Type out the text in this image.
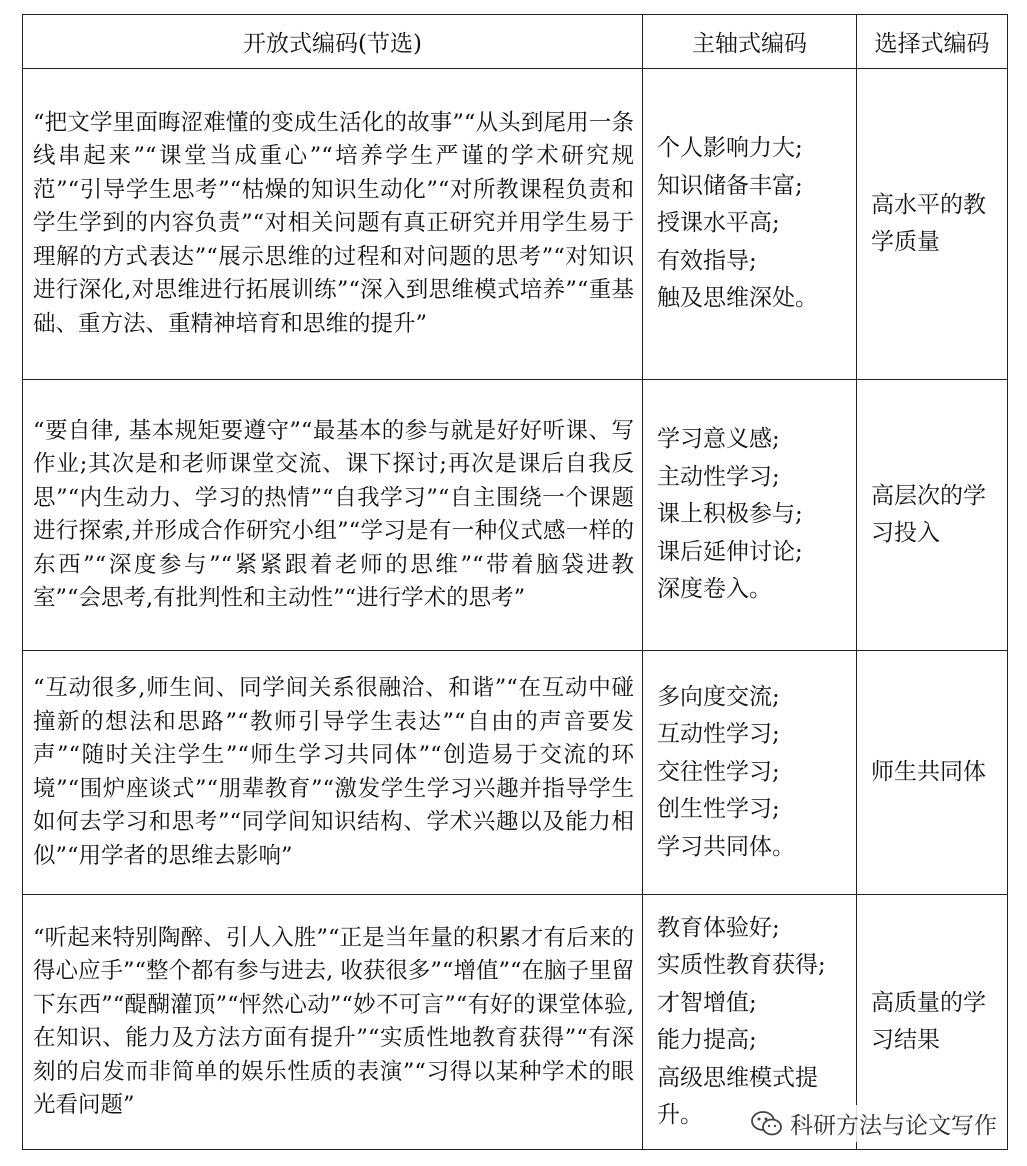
开放式编码(节选)	主轴式编码	选择式编码
“把文学里面晦涩难懂的变成生活化的故事”“从头到尾用一条线串起来”“课堂当成重心”“培养学生严谨的学术研究规范”“引导学生思考”“枯燥的知识生动化”“对所教课程负责和学生学到的内容负责”“对相关问题有真正研究并用学生易于理解的方式表达”“展示思维的过程和对问题的思考”“对知识进行深化,对思维进行拓展训练”“深入到思维模式培养”“重基础、重方法、重精神培育和思维的提升”	个人影响力大;
知识储备丰富;
授课水平高;
有效指导;
触及思维深处。	高水平的教学质量
“要自律, 基本规矩要遵守”“最基本的参与就是好好听课、写作业;其次是和老师课堂交流、课下探讨;再次是课后自我反思”“内生动力、学习的热情”“自我学习”“自主围绕一个课题进行探索,并形成合作研究小组”“学习是有一种仪式感一样的东西”“深度参与”“紧紧跟着老师的思维”“带着脑袋进教室”“会思考,有批判性和主动性”“进行学术的思考”	学习意义感;
主动性学习;
课上积极参与;
课后延伸讨论;
深度卷入。	高层次的学习投入
“互动很多,师生间、同学间关系很融洽、和谐”“在互动中碰撞新的想法和思路”“教师引导学生表达”“自由的声音要发声”“随时关注学生”“师生学习共同体”“创造易于交流的环境”“围炉座谈式”“朋辈教育”“激发学生学习兴趣并指导学生如何去学习和思考”“同学间知识结构、学术兴趣以及能力相似”“用学者的思维去影响”	多向度交流;
互动性学习;
交往性学习;
创生性学习;
学习共同体。	师生共同体
“听起来特别陶醉、引人入胜”“正是当年量的积累才有后来的得心应手”“整个都有参与进去, 收获很多”“增值”“在脑子里留下东西”“醍醐灌顶”“怦然心动”“妙不可言”“有好的课堂体验,在知识、能力及方法方面有提升”“实质性地教育获得”“有深刻的启发而非简单的娱乐性质的表演”“习得以某种学术的眼光看问题”	教育体验好;
实质性教育获得;
才智增值;
能力提高;
高级思维模式提升。	高质量的学习结果
科研方法与论文写作
